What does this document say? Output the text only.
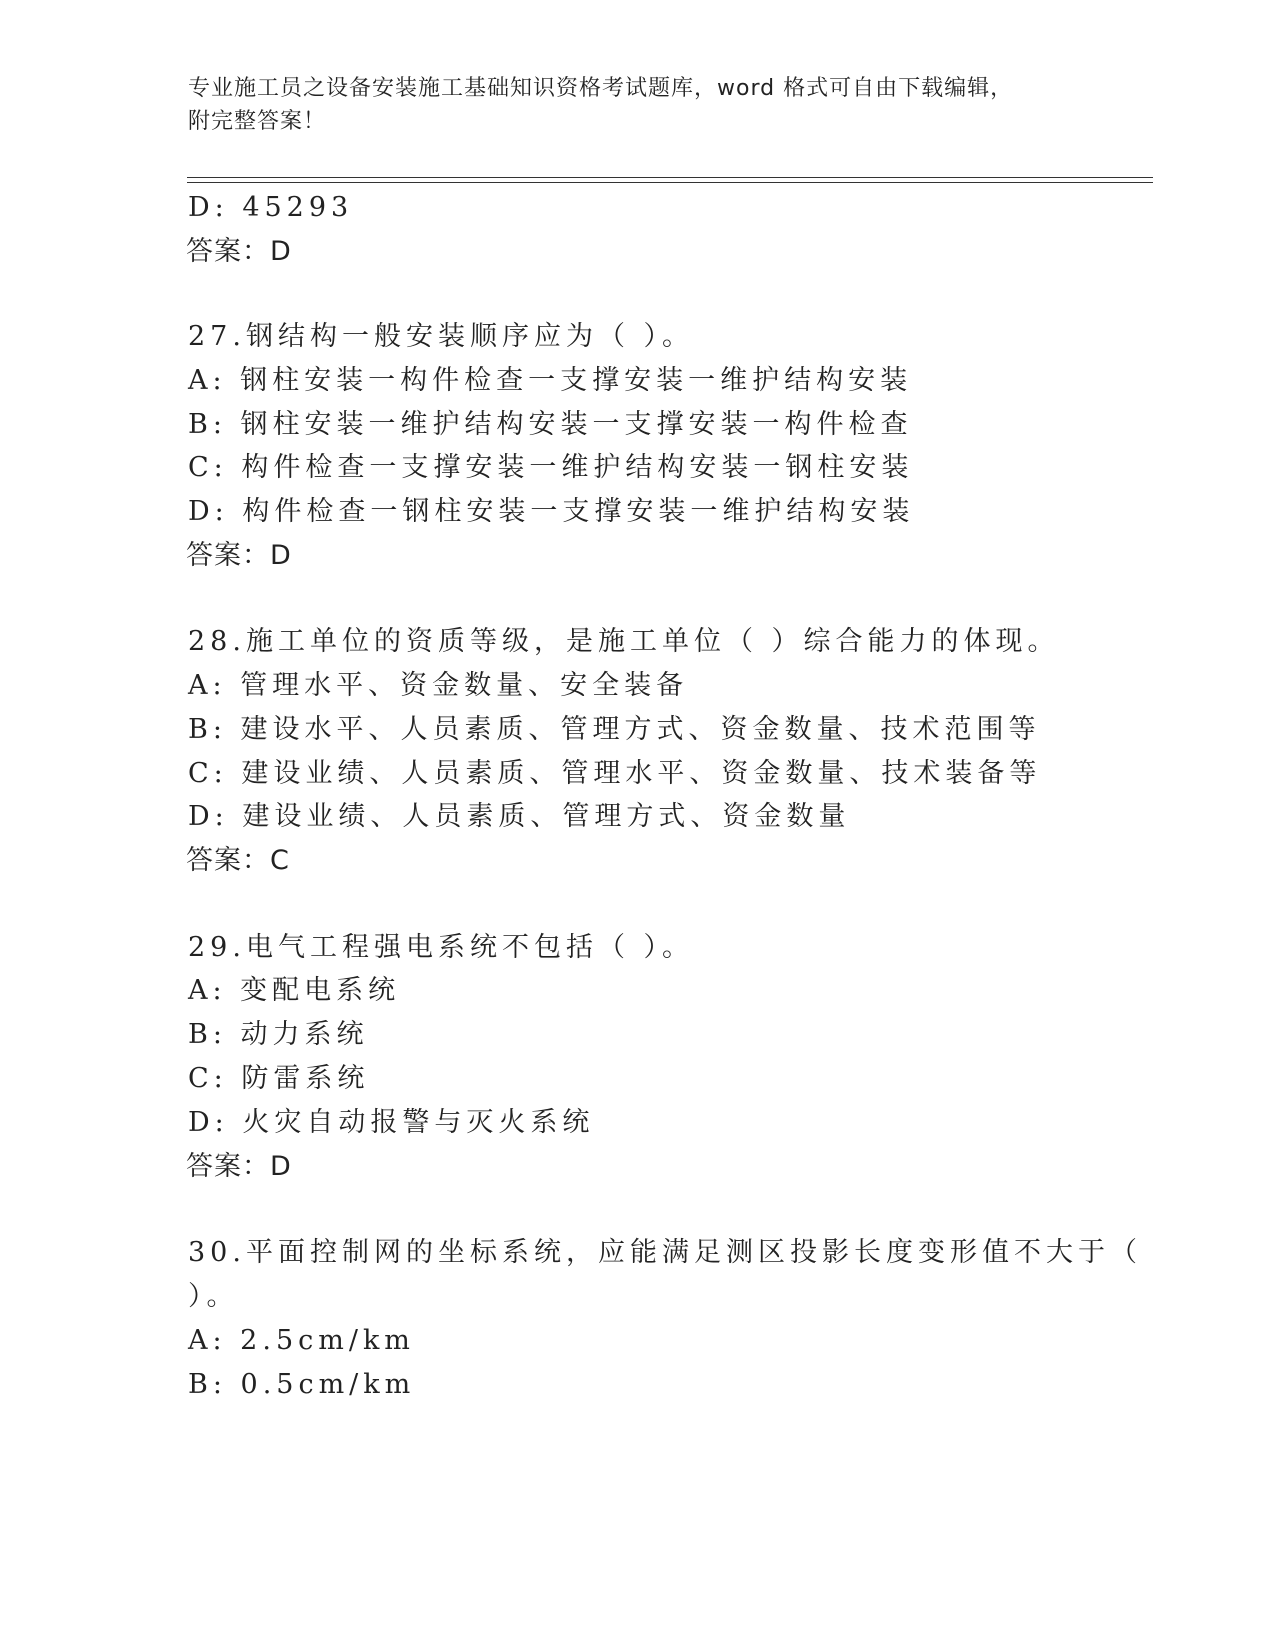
专业施工员之设备安装施工基础知识资格考试题库，word 格式可自由下载编辑，
附完整答案！
D: 45293
答案：D
27.钢结构一般安装顺序应为（ ）。
A: 钢柱安装一构件检查一支撑安装一维护结构安装
B: 钢柱安装一维护结构安装一支撑安装一构件检查
C: 构件检查一支撑安装一维护结构安装一钢柱安装
D: 构件检查一钢柱安装一支撑安装一维护结构安装
答案：D
28.施工单位的资质等级，是施工单位（ ）综合能力的体现。
A: 管理水平、资金数量、安全装备
B: 建设水平、人员素质、管理方式、资金数量、技术范围等
C: 建设业绩、人员素质、管理水平、资金数量、技术装备等
D: 建设业绩、人员素质、管理方式、资金数量
答案：C
29.电气工程强电系统不包括（ ）。
A: 变配电系统
B: 动力系统
C: 防雷系统
D: 火灾自动报警与灭火系统
答案：D
30.平面控制网的坐标系统，应能满足测区投影长度变形值不大于（
）。
A: 2.5cm/km
B: 0.5cm/km
